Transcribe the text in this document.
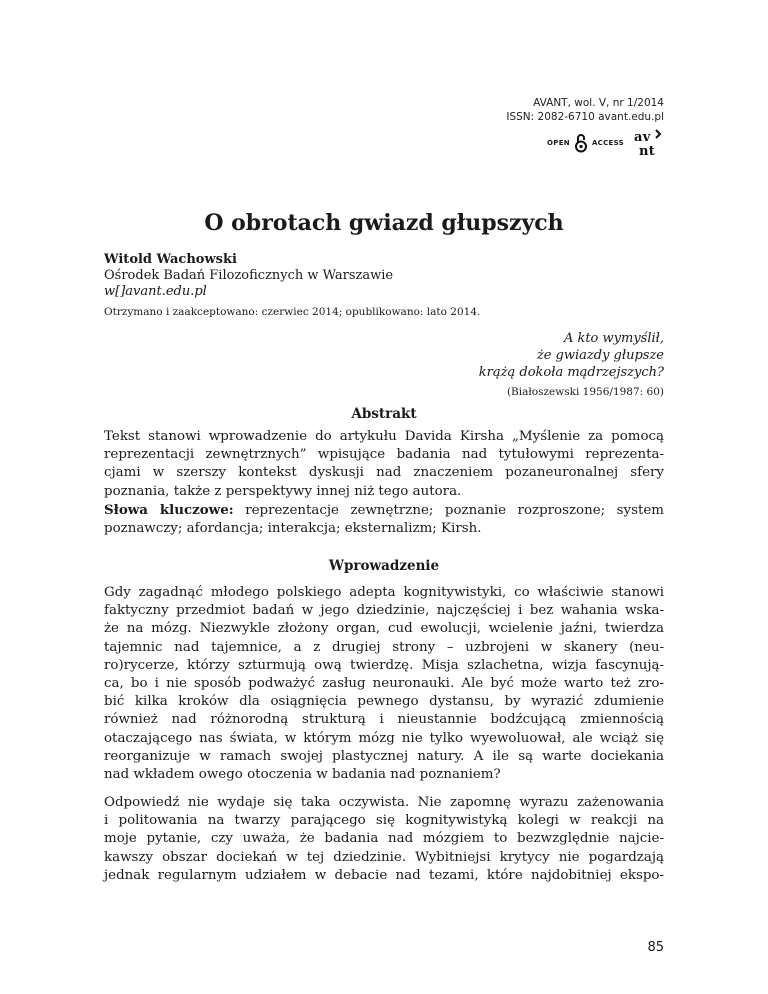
AVANT, wol. V, nr 1/2014
ISSN: 2082-6710 avant.edu.pl
OPEN	ACCESS av
nt
O obrotach gwiazd głupszych
Witold Wachowski
Ośrodek Badań Filozoficznych w Warszawie
w[]avant.edu.pl
Otrzymano i zaakceptowano: czerwiec 2014; opublikowano: lato 2014.
A kto wymyślił,
że gwiazdy głupsze
krążą dokoła mądrzejszych?
(Białoszewski 1956/1987: 60)
Abstrakt
Tekst stanowi wprowadzenie do artykułu Davida Kirsha „Myślenie za pomocą
reprezentacji zewnętrznych” wpisujące badania nad tytułowymi reprezenta-
cjami w szerszy kontekst dyskusji nad znaczeniem pozaneuronalnej sfery
poznania, także z perspektywy innej niż tego autora.
Słowa kluczowe: reprezentacje zewnętrzne; poznanie rozproszone; system
poznawczy; afordancja; interakcja; eksternalizm; Kirsh.
Wprowadzenie
Gdy zagadnąć młodego polskiego adepta kognitywistyki, co właściwie stanowi
faktyczny przedmiot badań w jego dziedzinie, najczęściej i bez wahania wska-
że na mózg. Niezwykle złożony organ, cud ewolucji, wcielenie jaźni, twierdza
tajemnic nad tajemnice, a z drugiej strony – uzbrojeni w skanery (neu-
ro)rycerze, którzy szturmują ową twierdzę. Misja szlachetna, wizja fascynują-
ca, bo i nie sposób podważyć zasług neuronauki. Ale być może warto też zro-
bić kilka kroków dla osiągnięcia pewnego dystansu, by wyrazić zdumienie
również nad różnorodną strukturą i nieustannie bodźcującą zmiennością
otaczającego nas świata, w którym mózg nie tylko wyewoluował, ale wciąż się
reorganizuje w ramach swojej plastycznej natury. A ile są warte dociekania
nad wkładem owego otoczenia w badania nad poznaniem?
Odpowiedź nie wydaje się taka oczywista. Nie zapomnę wyrazu zażenowania
i politowania na twarzy parającego się kognitywistyką kolegi w reakcji na
moje pytanie, czy uważa, że badania nad mózgiem to bezwzględnie najcie-
kawszy obszar dociekań w tej dziedzinie. Wybitniejsi krytycy nie pogardzają
jednak regularnym udziałem w debacie nad tezami, które najdobitniej ekspo-
85
